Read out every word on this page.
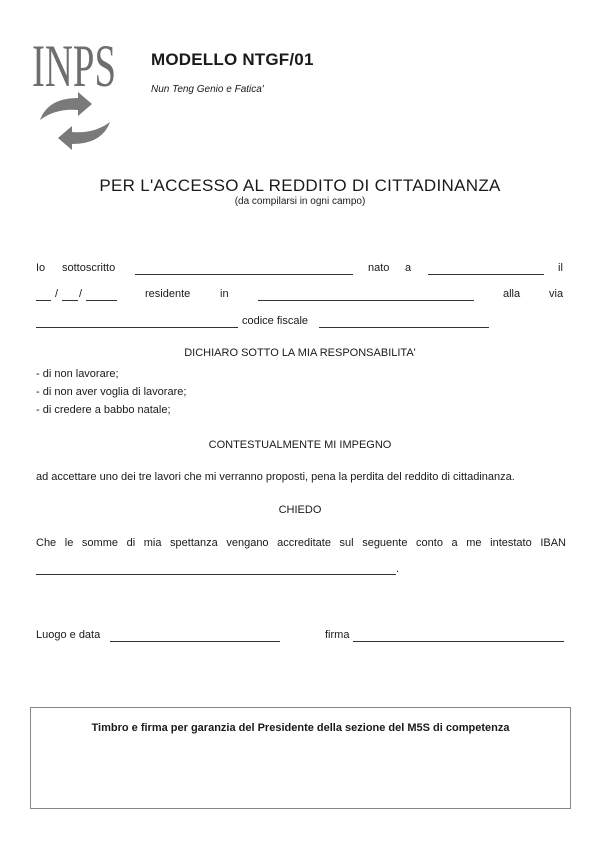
INPS MODELLO NTGF/01
Nun Teng Genio e Fatica'
PER L'ACCESSO AL REDDITO DI CITTADINANZA
(da compilarsi in ogni campo)
Io sottoscritto	nato a	il
/ /	residente	in	alla	via
codice fiscale
DICHIARO SOTTO LA MIA RESPONSABILITA'
- di non lavorare;
- di non aver voglia di lavorare;
- di credere a babbo natale;
CONTESTUALMENTE MI IMPEGNO
ad accettare uno dei tre lavori che mi verranno proposti, pena la perdita del reddito di cittadinanza.
CHIEDO
Che le somme di mia spettanza vengano accreditate sul seguente conto a me intestato IBAN
.
Luogo e data	firma
Timbro e firma per garanzia del Presidente della sezione del M5S di competenza
